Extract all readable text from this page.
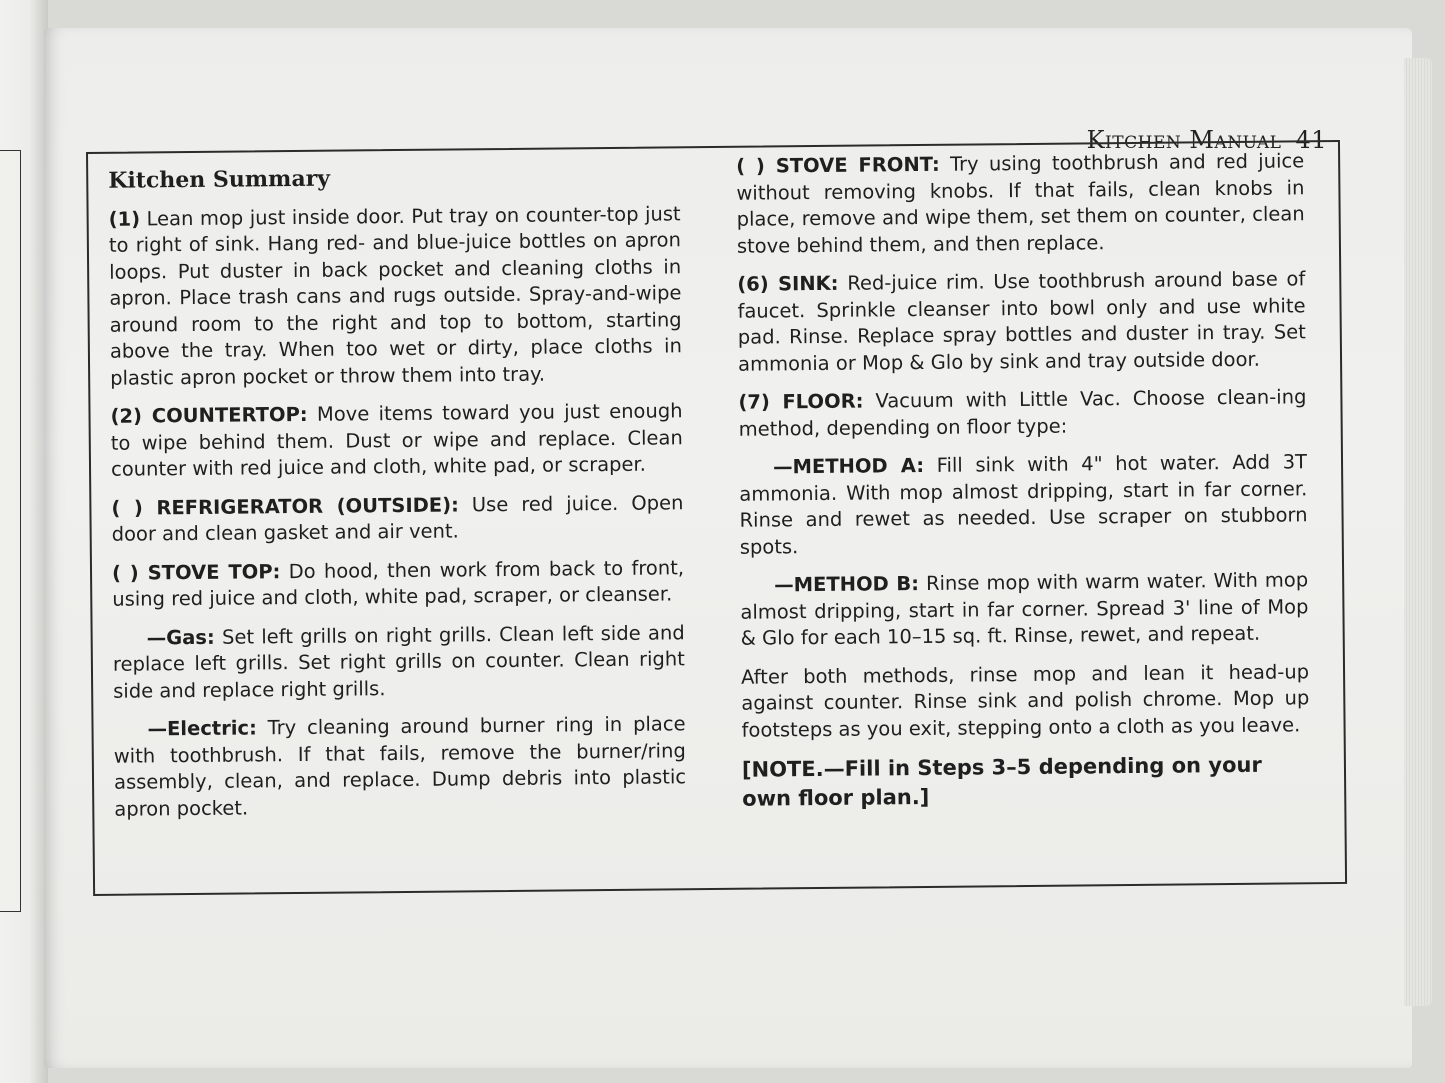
Kitchen Manual 41
Kitchen Summary

(1) Lean mop just inside door. Put tray on counter-top just to right of sink. Hang red- and blue-juice bottles on apron loops. Put duster in back pocket and cleaning cloths in apron. Place trash cans and rugs outside. Spray-and-wipe around room to the right and top to bottom, starting above the tray. When too wet or dirty, place cloths in plastic apron pocket or throw them into tray.

(2) COUNTERTOP: Move items toward you just enough to wipe behind them. Dust or wipe and replace. Clean counter with red juice and cloth, white pad, or scraper.

( ) REFRIGERATOR (OUTSIDE): Use red juice. Open door and clean gasket and air vent.

( ) STOVE TOP: Do hood, then work from back to front, using red juice and cloth, white pad, scraper, or cleanser.

—Gas: Set left grills on right grills. Clean left side and replace left grills. Set right grills on counter. Clean right side and replace right grills.

—Electric: Try cleaning around burner ring in place with toothbrush. If that fails, remove the burner/ring assembly, clean, and replace. Dump debris into plastic apron pocket.

( ) STOVE FRONT: Try using toothbrush and red juice without removing knobs. If that fails, clean knobs in place, remove and wipe them, set them on counter, clean stove behind them, and then replace.

(6) SINK: Red-juice rim. Use toothbrush around base of faucet. Sprinkle cleanser into bowl only and use white pad. Rinse. Replace spray bottles and duster in tray. Set ammonia or Mop & Glo by sink and tray outside door.

(7) FLOOR: Vacuum with Little Vac. Choose clean-ing method, depending on floor type:

—METHOD A: Fill sink with 4" hot water. Add 3T ammonia. With mop almost dripping, start in far corner. Rinse and rewet as needed. Use scraper on stubborn spots.

—METHOD B: Rinse mop with warm water. With mop almost dripping, start in far corner. Spread 3' line of Mop & Glo for each 10–15 sq. ft. Rinse, rewet, and repeat.

After both methods, rinse mop and lean it head-up against counter. Rinse sink and polish chrome. Mop up footsteps as you exit, stepping onto a cloth as you leave.

[NOTE.—Fill in Steps 3–5 depending on your own floor plan.]
